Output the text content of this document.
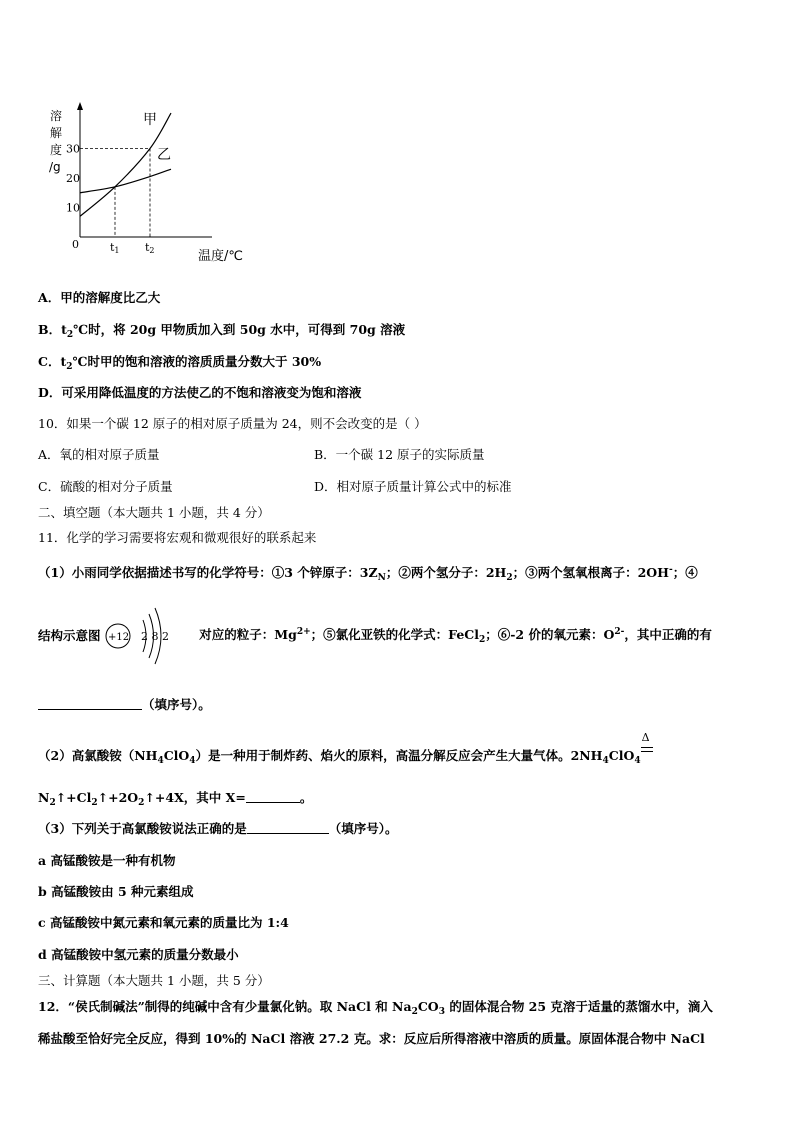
溶
解
度
/g
0
10
20
30
甲
乙
t1 t2	温度/℃
A．甲的溶解度比乙大
B．$t_2℃$时，将 20g 甲物质加入到 50g 水中，可得到 70g 溶液
C．$t_2℃$时甲的饱和溶液的溶质质量分数大于 30%
D．可采用降低温度的方法使乙的不饱和溶液变为饱和溶液
10．如果一个碳 12 原子的相对原子质量为 24，则不会改变的是（ ）
A．氧的相对原子质量	B．一个碳 12 原子的实际质量
C．硫酸的相对分子质量	D．相对原子质量计算公式中的标准
二、填空题（本大题共 1 小题，共 4 分）
11．化学的学习需要将宏观和微观很好的联系起来
（1）小雨同学依据描述书写的化学符号：①3 个锌原子：$3Z_N$；②两个氢分子：$2H_2$；③两个氢氧根离子：2OH-；④
结构示意图 +12 2 8 2 对应的粒子：$Mg^{2+}$；⑤氯化亚铁的化学式：FeCl$_2$；⑥-2 价的氧元素：$O^{2-}$，其中正确的有
（填序号）。
（2）高氯酸铵$(NH_4ClO_4)$是一种用于制炸药、焰火的原料，高温分解反应会产生大量气体。$2NH_4ClO_4$
Δ
$N_2↑+Cl_2↑+2O_2↑+4X$，其中 X=	。
（3）下列关于高氯酸铵说法正确的是	（填序号）。
a 高锰酸铵是一种有机物
b 高锰酸铵由 5 种元素组成
c 高锰酸铵中氮元素和氧元素的质量比为 1:4
d 高锰酸铵中氢元素的质量分数最小
三、计算题（本大题共 1 小题，共 5 分）
12．“侯氏制碱法”制得的纯碱中含有少量氯化钠。取 NaCl 和 $Na_2CO_3$ 的固体混合物 25 克溶于适量的蒸馏水中，滴入
稀盐酸至恰好完全反应，得到 10%的 NaCl 溶液 27.2 克。求：反应后所得溶液中溶质的质量。原固体混合物中 NaCl
